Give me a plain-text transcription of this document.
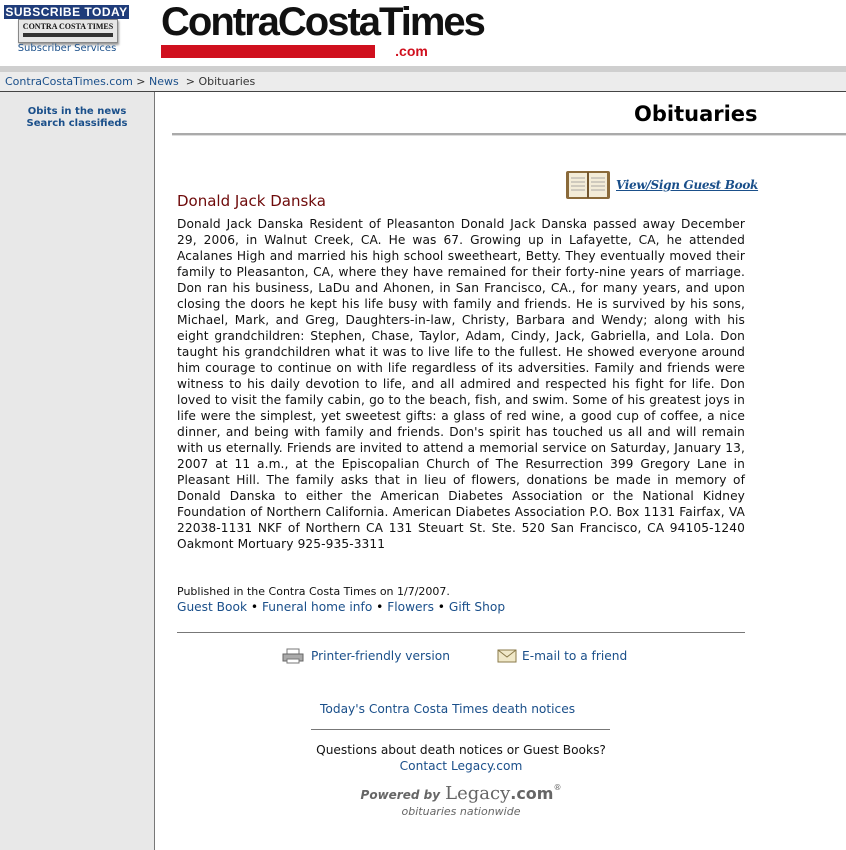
SUBSCRIBE TODAY
CONTRA COSTA TIMES
Subscriber Services
ContraCostaTimes
.com
ContraCostaTimes.com > News > Obituaries
Obits in the news
Search classifieds	Obituaries
View/Sign Guest Book
Donald Jack Danska
Donald Jack Danska Resident of Pleasanton Donald Jack Danska passed away December 29, 2006, in Walnut Creek, CA. He was 67. Growing up in Lafayette, CA, he attended Acalanes High and married his high school sweetheart, Betty. They eventually moved their family to Pleasanton, CA, where they have remained for their forty-nine years of marriage. Don ran his business, LaDu and Ahonen, in San Francisco, CA., for many years, and upon closing the doors he kept his life busy with family and friends. He is survived by his sons, Michael, Mark, and Greg, Daughters-in-law, Christy, Barbara and Wendy; along with his eight grandchildren: Stephen, Chase, Taylor, Adam, Cindy, Jack, Gabriella, and Lola. Don taught his grandchildren what it was to live life to the fullest. He showed everyone around him courage to continue on with life regardless of its adversities. Family and friends were witness to his daily devotion to life, and all admired and respected his fight for life. Don loved to visit the family cabin, go to the beach, fish, and swim. Some of his greatest joys in life were the simplest, yet sweetest gifts: a glass of red wine, a good cup of coffee, a nice dinner, and being with family and friends. Don's spirit has touched us all and will remain with us eternally. Friends are invited to attend a memorial service on Saturday, January 13, 2007 at 11 a.m., at the Episcopalian Church of The Resurrection 399 Gregory Lane in Pleasant Hill. The family asks that in lieu of flowers, donations be made in memory of Donald Danska to either the American Diabetes Association or the National Kidney Foundation of Northern California. American Diabetes Association P.O. Box 1131 Fairfax, VA 22038-1131 NKF of Northern CA 131 Steuart St. Ste. 520 San Francisco, CA 94105-1240 Oakmont Mortuary 925-935-3311
Published in the Contra Costa Times on 1/7/2007.
Guest Book • Funeral home info • Flowers • Gift Shop
Printer-friendly version	E-mail to a friend
Today's Contra Costa Times death notices
Questions about death notices or Guest Books?
Contact Legacy.com
Powered by Legacy.com®
obituaries nationwide
